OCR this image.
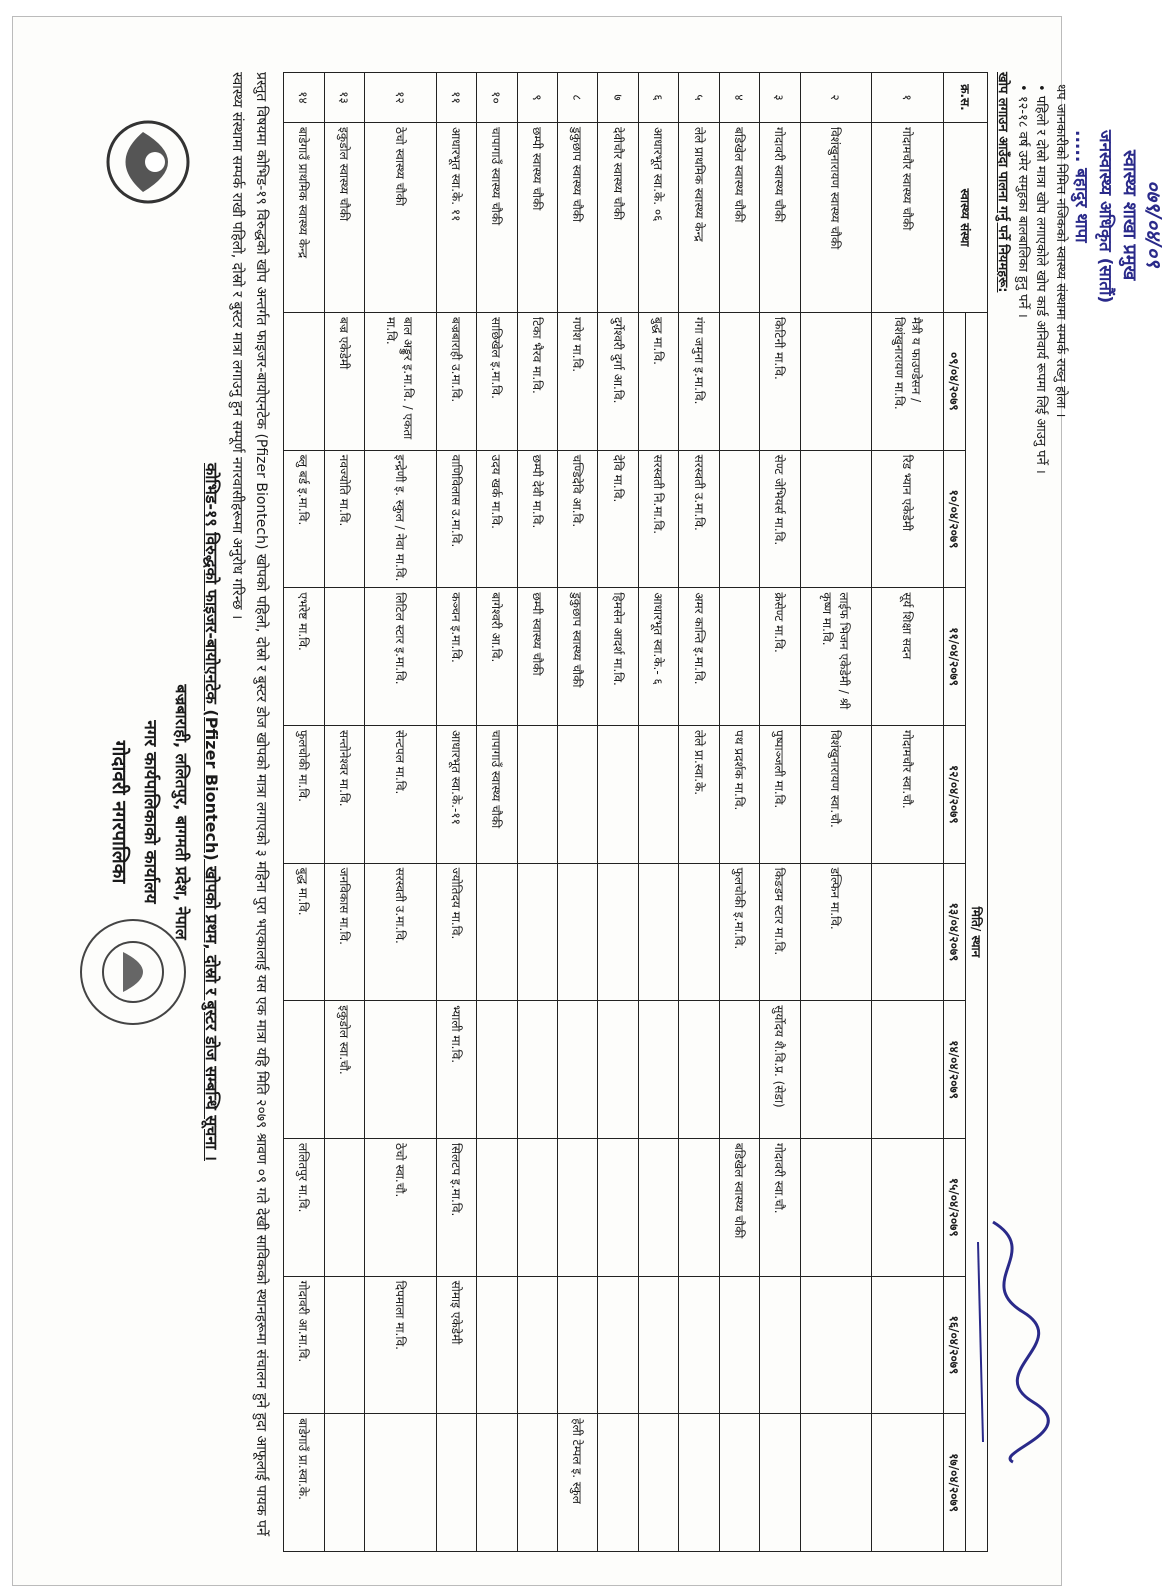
गोदावरी नगरपालिका नगर कार्यपालिकाको कार्यालय बज्रबाराही, ललितपुर, बागमती प्रदेश, नेपाल कोभिड-१९ विरुद्धको फाइजर-बायोएनटेक (Pfizer Biontech) खोपको प्रथम, दोस्रो र बुस्टर डोज सम्बन्धि सूचना ।	प्रस्तुत विषयमा कोभिड-१९ विरुद्धको खोप अन्तर्गत फाइजर-बायोएनटेक (Pfizer Biontech) खोपको पहिलो, दोस्रो र बुस्टर डोज खोपको मात्रा लगाएको ३ महिना पुरा भएकालाई यस एक मात्रा यहि मिति २०७९ श्रावण ०९ गते देखी साविकको स्थानहरूमा संचालन हुने हुदा आफूलाई पायक पर्ने स्वास्थ्य संस्थामा सम्पर्क राखी पहिलो, दोस्रो र बुस्टर मात्रा लगाउनु हुन सम्पूर्ण नगरवासीहरूमा अनुरोध गरिन्छ ।	क्र.स.	स्वास्थ्य संस्था	मिति/ स्थान								
		०९/०४/२०७९	१०/०४/२०७९	११/०४/२०७९	१२/०४/२०७९	१३/०४/२०७९	१४/०४/२०७९	१५/०४/२०७९	१६/०४/२०७९	१७/०४/२०७९
१	गोदामचौर स्वास्थ्य चौकी	मैत्री य फाउण्डेसन / विशंखुनारायण मा.वि.	रिड भ्यान एकेडेमी	सूर्य शिक्षा सदन	गोदामचौर स्वा.चौ.					
२	विशंखुनारायण स्वास्थ्य चौकी			लाईफ भिजन एकेडेमी / श्री कृष्ण मा.वि.	विशंखुनारायण स्वा.चौ.	डल्फिन मा.वि.				
३	गोदावरी स्वास्थ्य चौकी	किटिनी मा.वि.	सेण्ट जेभियर्स मा.वि.	क्रेसेण्ट मा.वि.	पुष्पाञ्जली मा.वि.	किङडम स्टार मा.वि.	सुर्योदय शै.वि.प्र. (सेडा)	गोदावरी स्वा.चौ.		
४	बडिखेल स्वास्थ्य चौकी				पथ प्रदर्शक मा.वि.	फुलचोकी इ.मा.वि.		बडिखेल स्वास्थ्य चौकी		
५	लेले प्राथमिक स्वास्थ्य केन्द्र	गंगा जमुना इ.मा.वि.	सरस्वती उ.मा.वि.	अमर कान्ति इ.मा.वि.	लेले प्रा.स्वा.के.					
६	आधारभूत स्वा.के. ०६	बुद्ध मा.वि.	सरस्वती नि.मा.वि.	आधारभूत स्वा.के.- ६						
७	देवीचौर स्वास्थ्य चौकी	दुर्गेश्वरी दुर्गा आ.वि.	देवि मा.वि.	हिमसेन आदर्श मा.वि.						
८	डुकुछाप स्वास्थ्य चौकी	गणेश मा.वि.	चण्डिदेवि आ.वि.	डुकुछाप स्वास्थ्य चौकी						हेली टेम्पल इ. स्कुल
९	छम्पी स्वास्थ्य चौकी	टिका भैरव मा.वि.	छम्पी देवी मा.वि.	छम्पी स्वास्थ्य चौकी						
१०	चापागाउँ स्वास्थ्य चौकी	साछिखेल इ.मा.वि.	उदय खर्क मा.वि.	बागेश्वरी आ.वि.	चापागाउँ स्वास्थ्य चौकी					
११	आधारभूत स्वा.के. ११	बज्रबाराही उ.मा.वि.	वाणिविलास उ.मा.वि.	कञ्चन इ.मा.वि.	आधारभूत स्वा.के.-११	ज्योतिदय मा.वि.	भ्याली मा.वि.	सिलटप इ.मा.वि.	सोमाइ एकेडेमी	
१२	ठेचो स्वास्थ्य चौकी	बाल अङ्कुर इ.मा.वि. / एकता मा.वि.	इन्द्रेणी इ. स्कुल / नेवा मा.वि.	लिटिल स्टार इ.मा.वि.	सेन्टपल मा.वि.	सरस्वती उ.मा.वि.		ठेचो स्वा.चौ.	दिपमाला मा.वि.	
१३	इकुडोल स्वास्थ्य चौकी	बज्र एकेडेमी	नवज्योति मा.वि.		सन्तोनेश्वर मा.वि.	जनविकास मा.वि.	इकुडोल स्वा.चौ.			
१४	बाडेगाउँ प्राथमिक स्वास्थ्य केन्द्र		ब्लु बर्ड इ.मा.वि.	एभरेष्ट मा.वि.	फुलचोकी मा.वि.	बुद्ध मा.वि.		ललितपुर मा.वि.	गोदावरी आ.मा.वि.	बाडेगाउँ प्रा.स्वा.के.
खोप लगाउन आउँदा पालना गर्नु पर्ने नियमहरू: • १२-१८ वर्ष उमेर समुहका बालबालिका हुनु पर्ने ।
• पहिलो र दोस्रो मात्रा खोप लगाएकोले खोप कार्ड अनिवार्य रूपमा लिई आउनु पर्ने । थप जानकारीको निमित्त नजिकको स्वास्थ्य संस्थामा सम्पर्क राख्नु होला । ..... बहादुर थापा जनस्वास्थ्य अधिकृत (सातौं) स्वास्थ्य शाखा प्रमुख ०७९/०४/०९
